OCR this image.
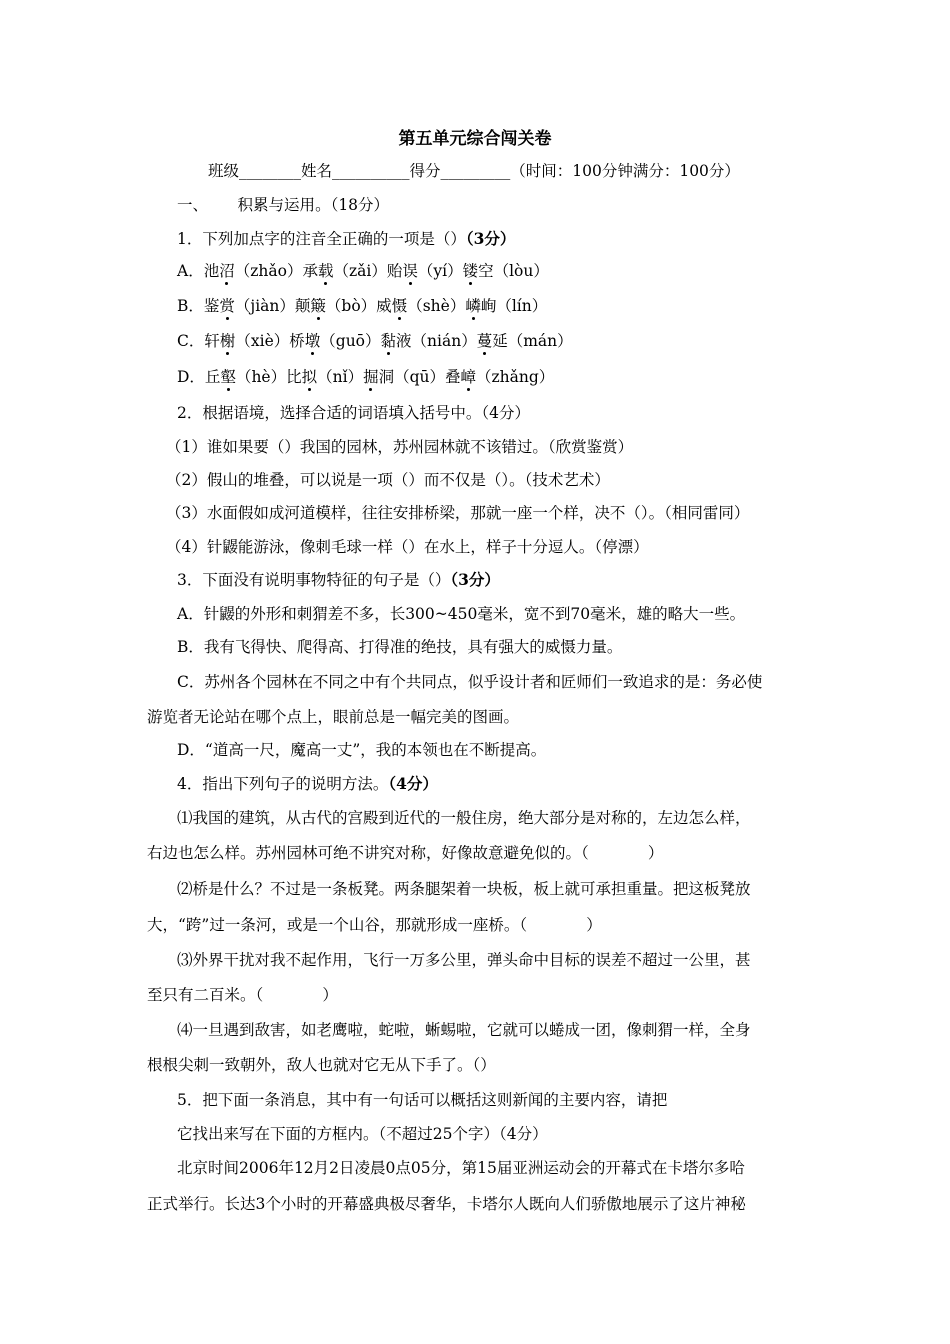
第五单元综合闯关卷
班级________姓名__________得分_________（时间：100分钟满分：100分）
一、      积累与运用。（18分）
1．下列加点字的注音全正确的一项是（）（3分）
A．池沼（zhǎo）承载（zǎi）贻误（yí）镂空（lòu）
B．鉴赏（jiàn）颠簸（bò）威慑（shè）嶙峋（lín）
C．轩榭（xiè）桥墩（guō）黏液（nián）蔓延（mán）
D．丘壑（hè）比拟（nǐ）掘洞（qū）叠嶂（zhǎng）
2．根据语境，选择合适的词语填入括号中。（4分）
（1）谁如果要（）我国的园林，苏州园林就不该错过。（欣赏鉴赏）
（2）假山的堆叠，可以说是一项（）而不仅是（）。（技术艺术）
（3）水面假如成河道模样，往往安排桥梁，那就一座一个样，决不（）。（相同雷同）
（4）针鼹能游泳，像刺毛球一样（）在水上，样子十分逗人。（停漂）
3．下面没有说明事物特征的句子是（）（3分）
A．针鼹的外形和刺猬差不多，长300~450毫米，宽不到70毫米，雄的略大一些。
B．我有飞得快、爬得高、打得准的绝技，具有强大的威慑力量。
C．苏州各个园林在不同之中有个共同点，似乎设计者和匠师们一致追求的是：务必使
游览者无论站在哪个点上，眼前总是一幅完美的图画。
D．“道高一尺，魔高一丈”，我的本领也在不断提高。
4．指出下列句子的说明方法。（4分）
⑴我国的建筑，从古代的宫殿到近代的一般住房，绝大部分是对称的，左边怎么样，
右边也怎么样。苏州园林可绝不讲究对称，好像故意避免似的。（            ）
⑵桥是什么？不过是一条板凳。两条腿架着一块板，板上就可承担重量。把这板凳放
大，“跨”过一条河，或是一个山谷，那就形成一座桥。（            ）
⑶外界干扰对我不起作用，飞行一万多公里，弹头命中目标的误差不超过一公里，甚
至只有二百米。（            ）
⑷一旦遇到敌害，如老鹰啦，蛇啦，蜥蜴啦，它就可以蜷成一团，像刺猬一样，全身
根根尖刺一致朝外，敌人也就对它无从下手了。（）
5．把下面一条消息，其中有一句话可以概括这则新闻的主要内容，请把
它找出来写在下面的方框内。（不超过25个字）（4分）
北京时间2006年12月2日凌晨0点05分，第15届亚洲运动会的开幕式在卡塔尔多哈
正式举行。长达3个小时的开幕盛典极尽奢华，卡塔尔人既向人们骄傲地展示了这片神秘
